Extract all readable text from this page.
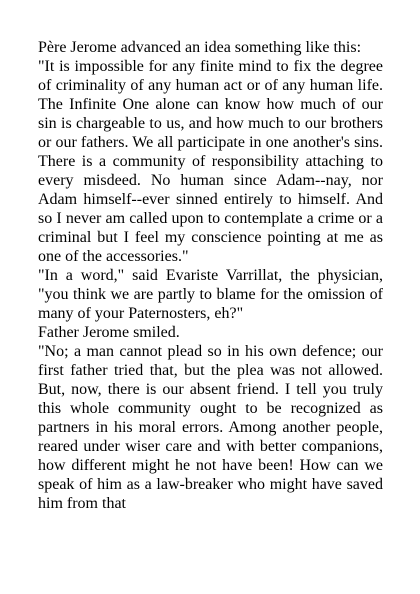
Père Jerome advanced an idea something like this:

"It is impossible for any finite mind to fix the degree of criminality of any human act or of any human life. The Infinite One alone can know how much of our sin is chargeable to us, and how much to our brothers or our fathers. We all participate in one another's sins. There is a community of responsibility attaching to every misdeed. No human since Adam--nay, nor Adam himself--ever sinned entirely to himself. And so I never am called upon to contemplate a crime or a criminal but I feel my conscience pointing at me as one of the accessories."

"In a word," said Evariste Varrillat, the physician, "you think we are partly to blame for the omission of many of your Paternosters, eh?"

Father Jerome smiled.

"No; a man cannot plead so in his own defence; our first father tried that, but the plea was not allowed. But, now, there is our absent friend. I tell you truly this whole community ought to be recognized as partners in his moral errors. Among another people, reared under wiser care and with better companions, how different might he not have been! How can we speak of him as a law-breaker who might have saved him from that
